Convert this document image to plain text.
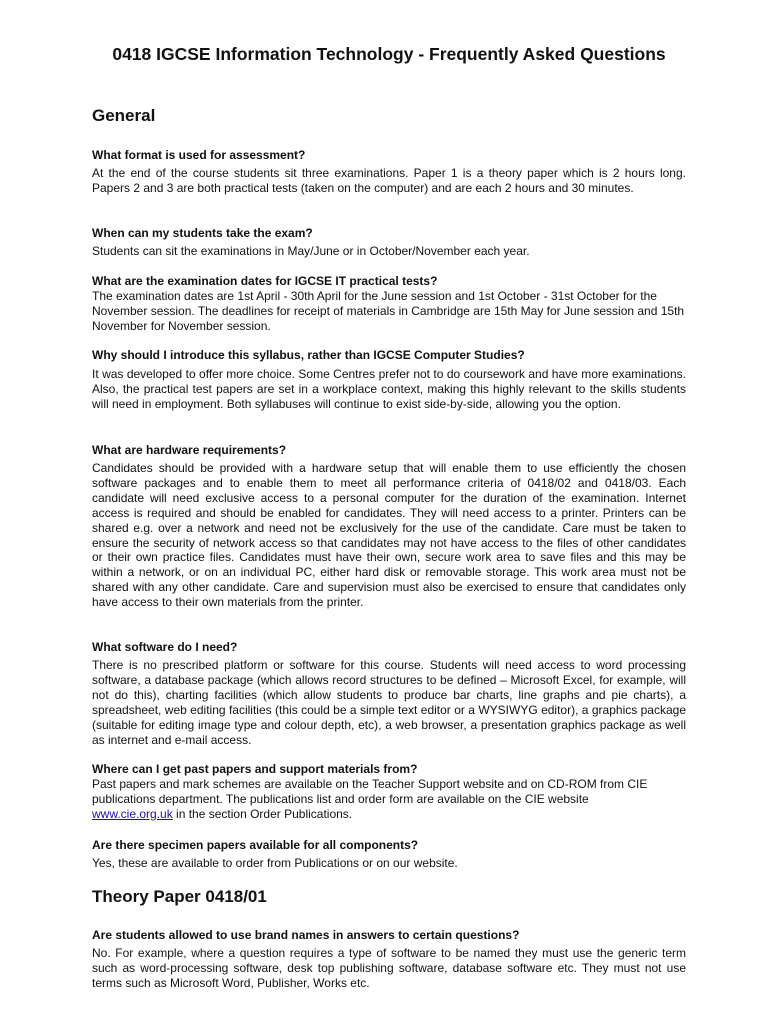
0418 IGCSE Information Technology - Frequently Asked Questions
General

What format is used for assessment?

At the end of the course students sit three examinations. Paper 1 is a theory paper which is 2 hours long. Papers 2 and 3 are both practical tests (taken on the computer) and are each 2 hours and 30 minutes.

When can my students take the exam?

Students can sit the examinations in May/June or in October/November each year.

What are the examination dates for IGCSE IT practical tests?

The examination dates are 1st April - 30th April for the June session and 1st October - 31st October for the November session. The deadlines for receipt of materials in Cambridge are 15th May for June session and 15th November for November session.

Why should I introduce this syllabus, rather than IGCSE Computer Studies?

It was developed to offer more choice. Some Centres prefer not to do coursework and have more examinations. Also, the practical test papers are set in a workplace context, making this highly relevant to the skills students will need in employment. Both syllabuses will continue to exist side-by-side, allowing you the option.

What are hardware requirements?

Candidates should be provided with a hardware setup that will enable them to use efficiently the chosen software packages and to enable them to meet all performance criteria of 0418/02 and 0418/03. Each candidate will need exclusive access to a personal computer for the duration of the examination. Internet access is required and should be enabled for candidates. They will need access to a printer. Printers can be shared e.g. over a network and need not be exclusively for the use of the candidate. Care must be taken to ensure the security of network access so that candidates may not have access to the files of other candidates or their own practice files. Candidates must have their own, secure work area to save files and this may be within a network, or on an individual PC, either hard disk or removable storage. This work area must not be shared with any other candidate. Care and supervision must also be exercised to ensure that candidates only have access to their own materials from the printer.

What software do I need?

There is no prescribed platform or software for this course. Students will need access to word processing software, a database package (which allows record structures to be defined – Microsoft Excel, for example, will not do this), charting facilities (which allow students to produce bar charts, line graphs and pie charts), a spreadsheet, web editing facilities (this could be a simple text editor or a WYSIWYG editor), a graphics package (suitable for editing image type and colour depth, etc), a web browser, a presentation graphics package as well as internet and e-mail access.

Where can I get past papers and support materials from?

Past papers and mark schemes are available on the Teacher Support website and on CD-ROM from CIE publications department. The publications list and order form are available on the CIE website www.cie.org.uk in the section Order Publications.

Are there specimen papers available for all components?

Yes, these are available to order from Publications or on our website.

Theory Paper 0418/01

Are students allowed to use brand names in answers to certain questions?

No. For example, where a question requires a type of software to be named they must use the generic term such as word-processing software, desk top publishing software, database software etc. They must not use terms such as Microsoft Word, Publisher, Works etc.
